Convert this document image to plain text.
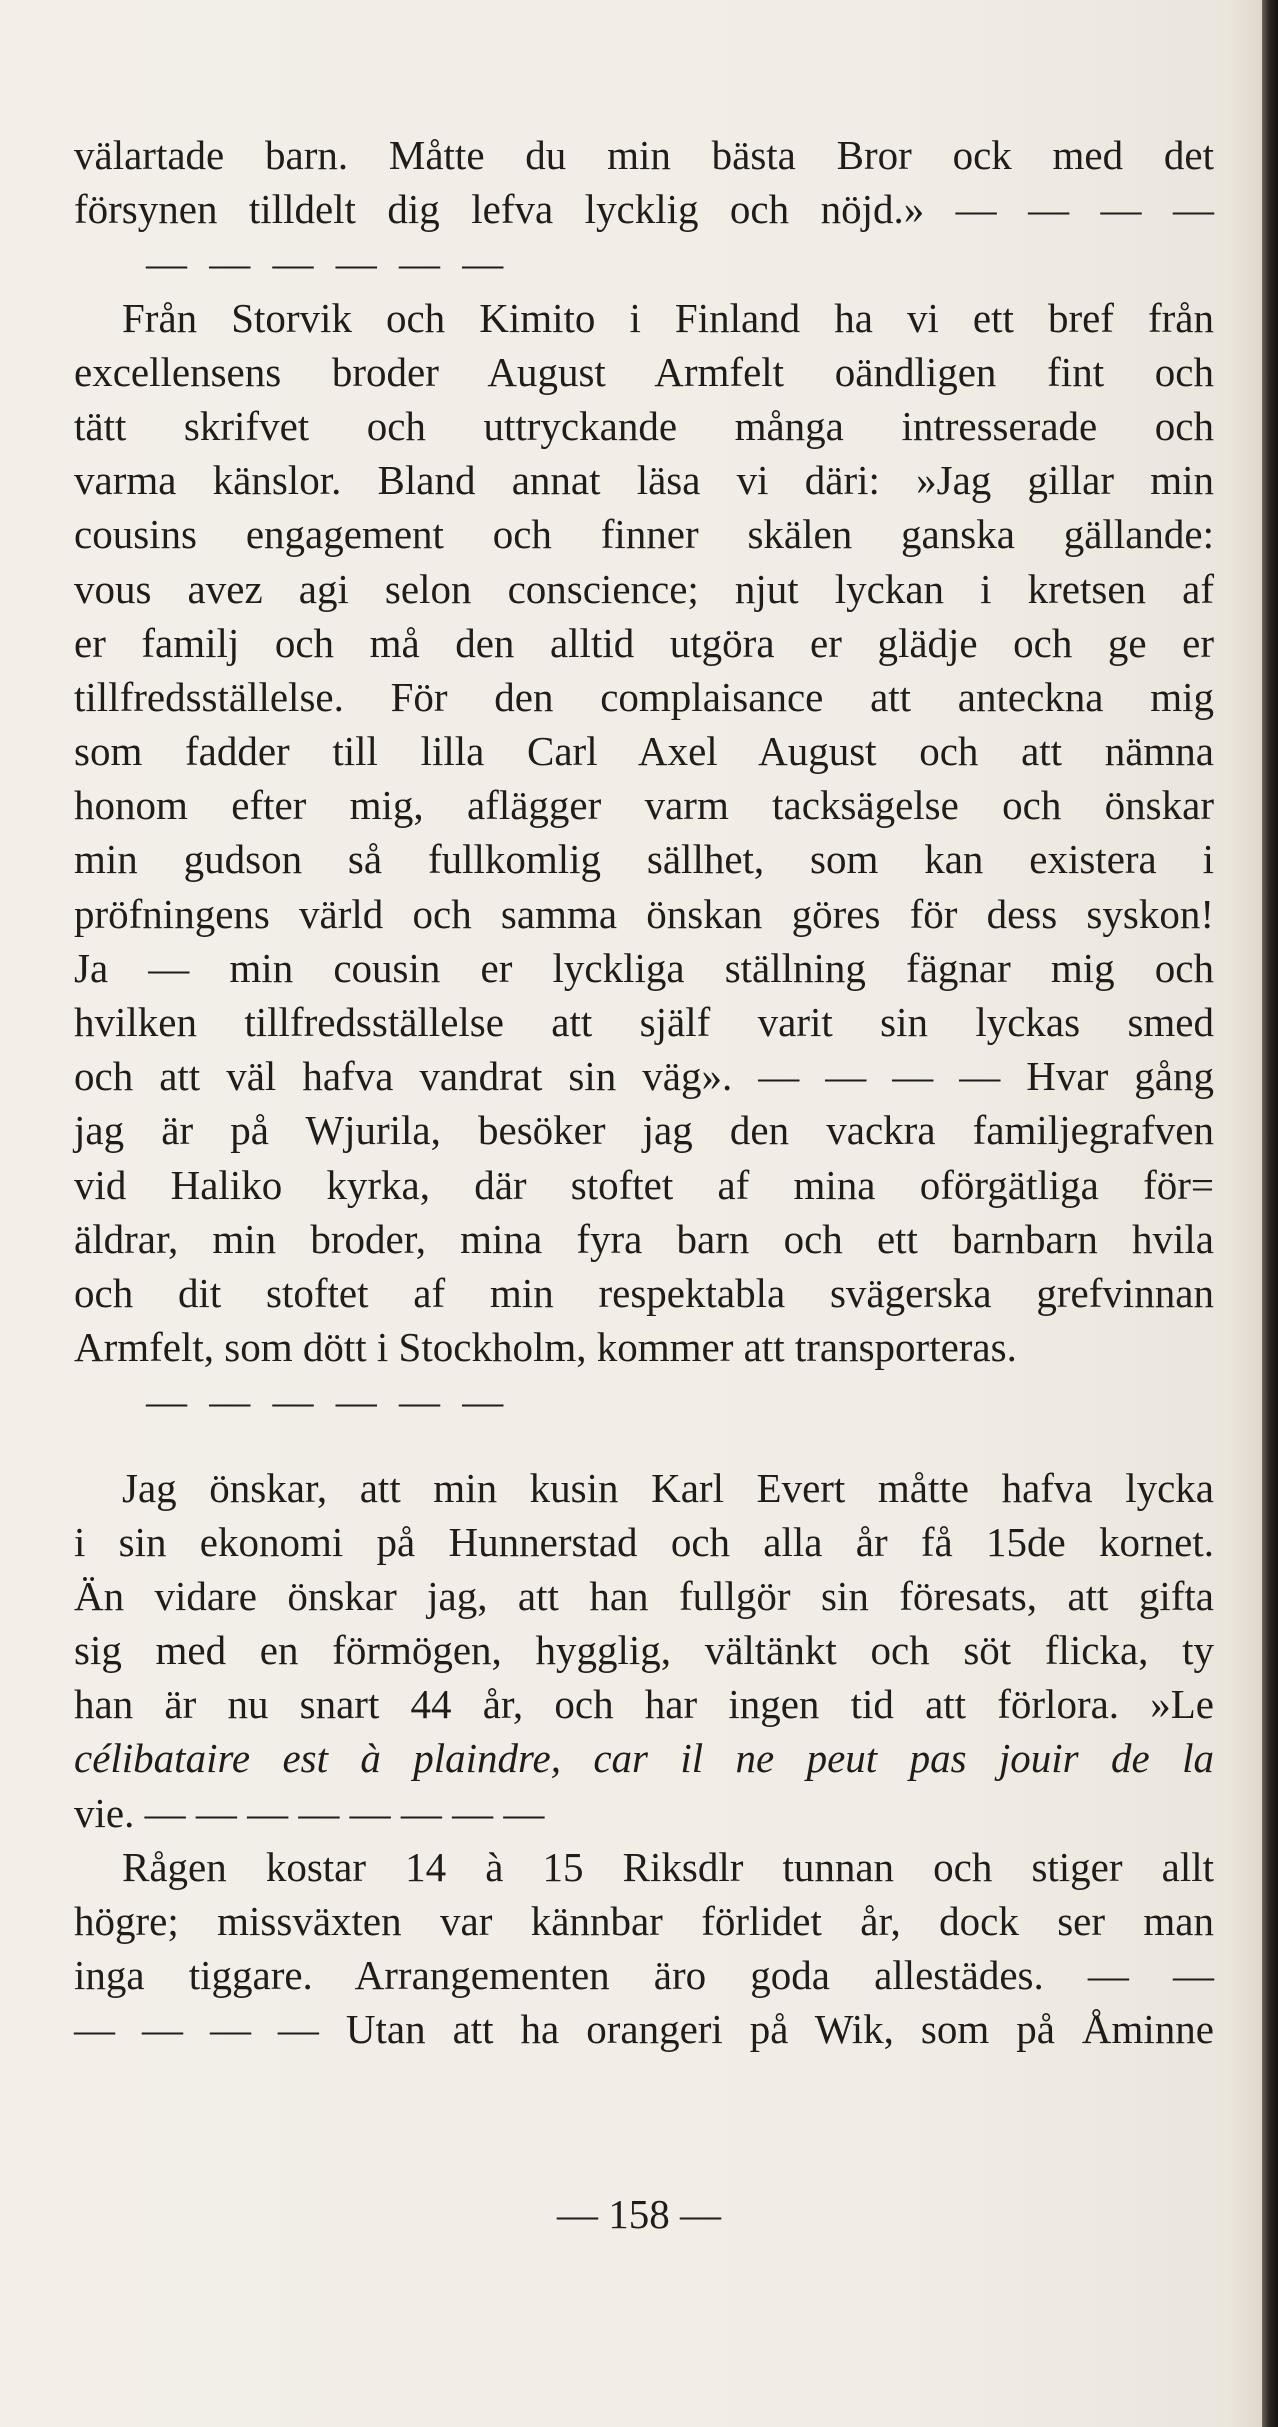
välartade barn. Måtte du min bästa Bror ock med det
försynen tilldelt dig lefva lycklig och nöjd.» — — — —
— — — — — —
Från Storvik och Kimito i Finland ha vi ett bref från
excellensens broder August Armfelt oändligen fint och
tätt skrifvet och uttryckande många intresserade och
varma känslor. Bland annat läsa vi däri: »Jag gillar min
cousins engagement och finner skälen ganska gällande:
vous avez agi selon conscience; njut lyckan i kretsen af
er familj och må den alltid utgöra er glädje och ge er
tillfredsställelse. För den complaisance att anteckna mig
som fadder till lilla Carl Axel August och att nämna
honom efter mig, aflägger varm tacksägelse och önskar
min gudson så fullkomlig sällhet, som kan existera i
pröfningens värld och samma önskan göres för dess syskon!
Ja — min cousin er lyckliga ställning fägnar mig och
hvilken tillfredsställelse att själf varit sin lyckas smed
och att väl hafva vandrat sin väg». — — — — Hvar gång
jag är på Wjurila, besöker jag den vackra familjegrafven
vid Haliko kyrka, där stoftet af mina oförgätliga för=
äldrar, min broder, mina fyra barn och ett barnbarn hvila
och dit stoftet af min respektabla svägerska grefvinnan
Armfelt, som dött i Stockholm, kommer att transporteras.
— — — — — —
Jag önskar, att min kusin Karl Evert måtte hafva lycka
i sin ekonomi på Hunnerstad och alla år få 15de kornet.
Än vidare önskar jag, att han fullgör sin föresats, att gifta
sig med en förmögen, hygglig, vältänkt och söt flicka, ty
han är nu snart 44 år, och har ingen tid att förlora. »Le
célibataire est à plaindre, car il ne peut pas jouir de la
vie. — — — — — — — —
Rågen kostar 14 à 15 Riksdlr tunnan och stiger allt
högre; missväxten var kännbar förlidet år, dock ser man
inga tiggare. Arrangementen äro goda allestädes. — —
— — — — Utan att ha orangeri på Wik, som på Åminne
— 158 —
